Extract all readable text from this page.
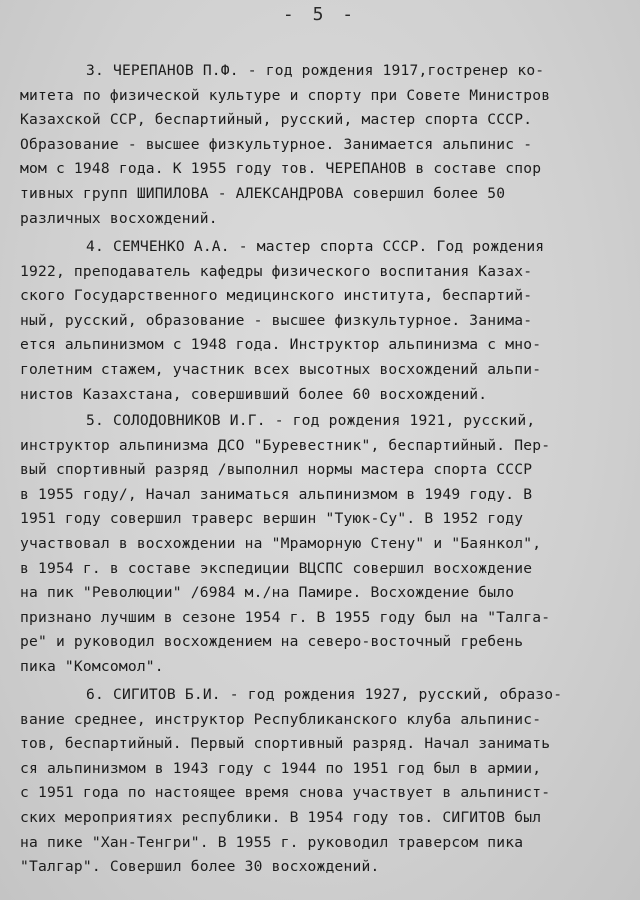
- 5 -
3. ЧЕРЕПАНОВ П.Ф. - год рождения 1917,гостренер ко-
митета по физической культуре и спорту при Совете Министров
Казахской ССР, беспартийный, русский, мастер спорта СССР.
Образование - высшее физкультурное. Занимается альпинис -
мом с 1948 года. К 1955 году тов. ЧЕРЕПАНОВ в составе спор
тивных групп ШИПИЛОВА - АЛЕКСАНДРОВА совершил более 50
различных восхождений.
4. СЕМЧЕНКО А.А. - мастер спорта СССР. Год рождения
1922, преподаватель кафедры физического воспитания Казах-
ского Государственного медицинского института, беспартий-
ный, русский, образование - высшее физкультурное. Занима-
ется альпинизмом с 1948 года. Инструктор альпинизма с мно-
голетним стажем, участник всех высотных восхождений альпи-
нистов Казахстана, совершивший более 60 восхождений.
5. СОЛОДОВНИКОВ И.Г. - год рождения 1921, русский,
инструктор альпинизма ДСО "Буревестник", беспартийный. Пер-
вый спортивный разряд /выполнил нормы мастера спорта СССР
в 1955 году/, Начал заниматься альпинизмом в 1949 году. В
1951 году совершил траверс вершин "Туюк-Су". В 1952 году
участвовал в восхождении на "Мраморную Стену" и "Баянкол",
в 1954 г. в составе экспедиции ВЦСПС совершил восхождение
на пик "Революции" /6984 м./на Памире. Восхождение было
признано лучшим в сезоне 1954 г. В 1955 году был на "Талга-
ре" и руководил восхождением на северо-восточный гребень
пика "Комсомол".
6. СИГИТОВ Б.И. - год рождения 1927, русский, образо-
вание среднее, инструктор Республиканского клуба альпинис-
тов, беспартийный. Первый спортивный разряд. Начал занимать
ся альпинизмом в 1943 году с 1944 по 1951 год был в армии,
с 1951 года по настоящее время снова участвует в альпинист-
ских мероприятиях республики. В 1954 году тов. СИГИТОВ был
на пике "Хан-Тенгри". В 1955 г. руководил траверсом пика
"Талгар". Совершил более 30 восхождений.
